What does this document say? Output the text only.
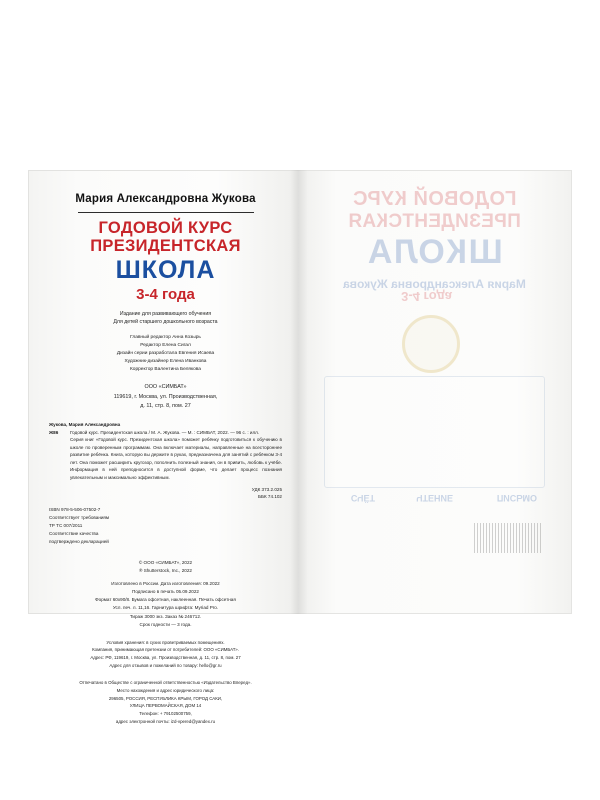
ГОДОВОЙ КУРС
ПРЕЗИДЕНТСКАЯ
ШКОЛА
Мария Александровна Жукова
3-4 года
ПИСЬМО
ЧТЕНИЕ
СЧЁТ
Мария Александровна Жукова
ГОДОВОЙ КУРС
ПРЕЗИДЕНТСКАЯ
ШКОЛА
3-4 года
Издание для развивающего обучения
Для детей старшего дошкольного возраста
Главный редактор Анна Козырь
Редактор Елена Сигал
Дизайн серии разработала Евгения Исаева
Художник-дизайнер Елена Иванкова
Корректор Валентина Белякова
ООО «СИМБАТ»
119619, г. Москва, ул. Производственная,
д. 11, стр. 8, пом. 27
Жукова, Мария Александровна
Ж86	Годовой курс. Президентская школа / М. А. Жукова. — М. : СИМБАТ, 2022. — 96 с. : илл.
Серия книг «Годовой курс. Президентская школа» поможет ребёнку подготовиться к обучению в школе по проверенным программам. Она включает материалы, направленные на всестороннее развитие ребёнка. Книга, которую вы держите в руках, предназначена для занятий с ребёнком 3-4 лет. Она поможет расширить кругозор, пополнить полезный знания, он в привить, любовь к учёбе. Информация в ней преподносится в доступной форме, что делает процесс познания увлекательным и максимально эффективным.
УДК 373.2.025
ББК 74.102
ISBN 978-5-506-07502-7
Соответствует требованиям
ТР ТС 007/2011
Соответствие качества
подтверждено декларацией
© ООО «СИМБАТ», 2022
® Shutterstock, Inc., 2022
Изготовлено в России. Дата изготовления: 09.2022
Подписано в печать 05.09.2022
Формат 60x90/8. Бумага офсетная, наклеенная. Печать офсетная
Усл. печ. л. 11,16. Гарнитура шрифта: Myriad Pro.
Тираж 3000 экз. Заказ № 246712.
Срок годности — 3 года.
Условия хранения: в сухих проветриваемых помещениях.
Компания, принимающая претензии от потребителей: ООО «СИМБАТ».
Адрес: РФ, 119619, г. Москва, ул. Производственная, д. 11, стр. 8, пом. 27
Адрес для отзывов и пожеланий по товару: hello@gr.ru
Отпечатано в Обществе с ограниченной ответственностью «Издательство Вперед».
Место нахождения и адрес юридического лица:
296505, РОССИЯ, РЕСПУБЛИКА КРЫМ, ГОРОД САКИ,
УЛИЦА ПЕРВОМАЙСКАЯ, ДОМ 14
Телефон: + 79102500759,
адрес электронной почты: izd-vpered@yandex.ru
